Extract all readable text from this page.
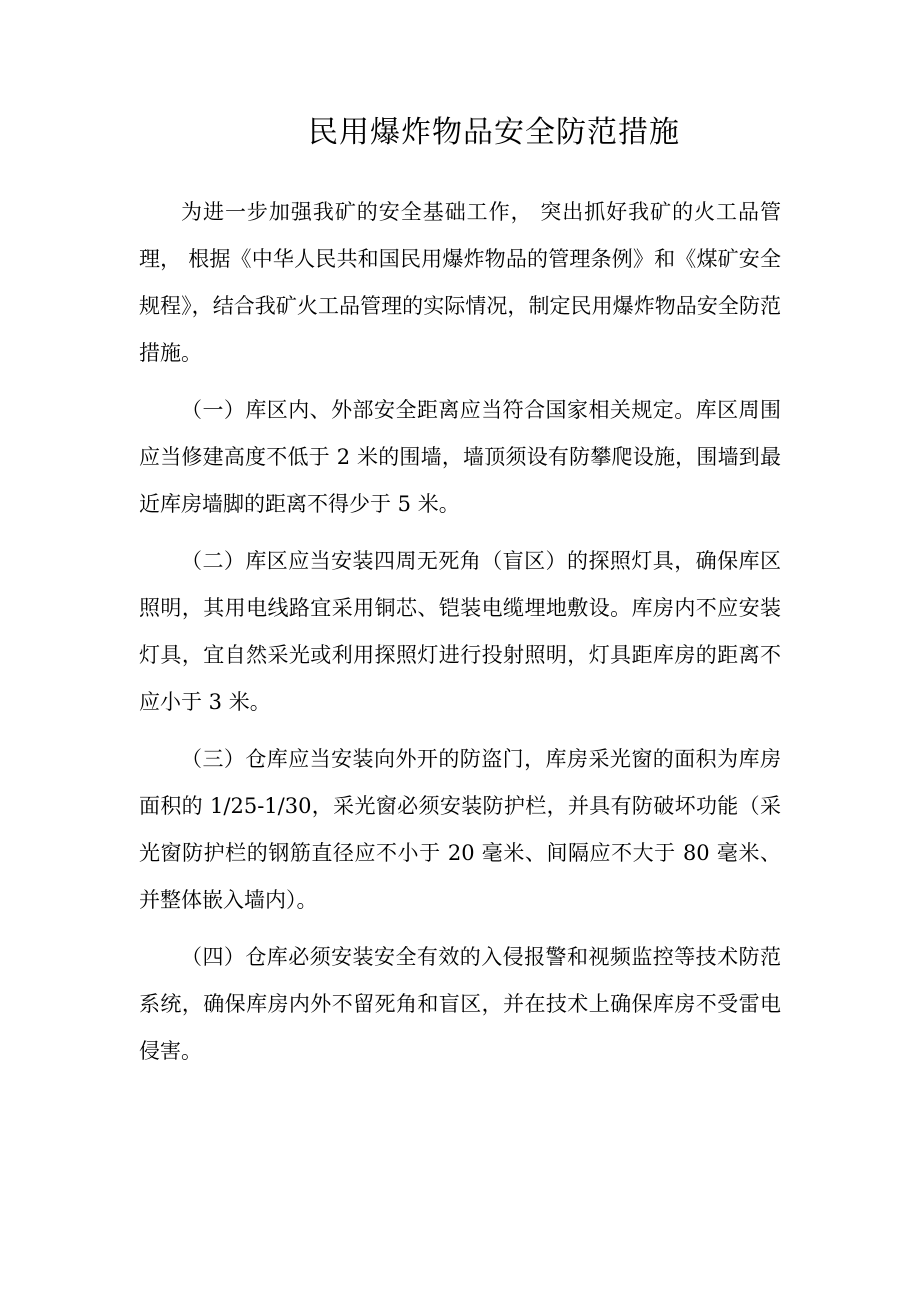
民用爆炸物品安全防范措施

为进一步加强我矿的安全基础工作， 突出抓好我矿的火工品管理， 根据《中华人民共和国民用爆炸物品的管理条例》和《煤矿安全规程》，结合我矿火工品管理的实际情况，制定民用爆炸物品安全防范措施。

（一）库区内、外部安全距离应当符合国家相关规定。库区周围应当修建高度不低于 2 米的围墙，墙顶须设有防攀爬设施，围墙到最近库房墙脚的距离不得少于 5 米。

（二）库区应当安装四周无死角（盲区）的探照灯具，确保库区照明，其用电线路宜采用铜芯、铠装电缆埋地敷设。库房内不应安装灯具，宜自然采光或利用探照灯进行投射照明，灯具距库房的距离不应小于 3 米。

（三）仓库应当安装向外开的防盗门，库房采光窗的面积为库房面积的 1/25-1/30，采光窗必须安装防护栏，并具有防破坏功能（采光窗防护栏的钢筋直径应不小于 20 毫米、间隔应不大于 80 毫米、并整体嵌入墙内）。

（四）仓库必须安装安全有效的入侵报警和视频监控等技术防范系统，确保库房内外不留死角和盲区，并在技术上确保库房不受雷电侵害。
